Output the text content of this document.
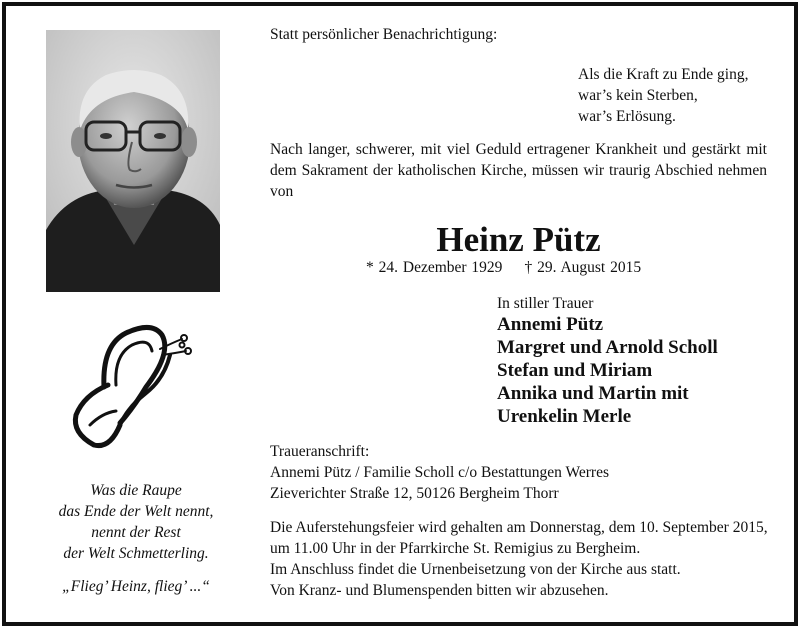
Was die Raupe
das Ende der Welt nennt,
nennt der Rest
der Welt Schmetterling.
„Flieg’ Heinz, flieg’ ...“
Statt persönlicher Benachrichtigung:
Als die Kraft zu Ende ging,
war’s kein Sterben,
war’s Erlösung.
Nach langer, schwerer, mit viel Geduld ertragener Krankheit und gestärkt mit dem Sakrament der katholischen Kirche, müssen wir traurig Abschied nehmen von
Heinz Pütz
* 24. Dezember 1929 † 29. August 2015
In stiller Trauer
Annemi Pütz
Margret und Arnold Scholl
Stefan und Miriam
Annika und Martin mit
Urenkelin Merle
Traueranschrift:
Annemi Pütz / Familie Scholl c/o Bestattungen Werres
Zieverichter Straße 12, 50126 Bergheim Thorr
Die Auferstehungsfeier wird gehalten am Donnerstag, dem 10. September 2015,
um 11.00 Uhr in der Pfarrkirche St. Remigius zu Bergheim.
Im Anschluss findet die Urnenbeisetzung von der Kirche aus statt.
Von Kranz- und Blumenspenden bitten wir abzusehen.
